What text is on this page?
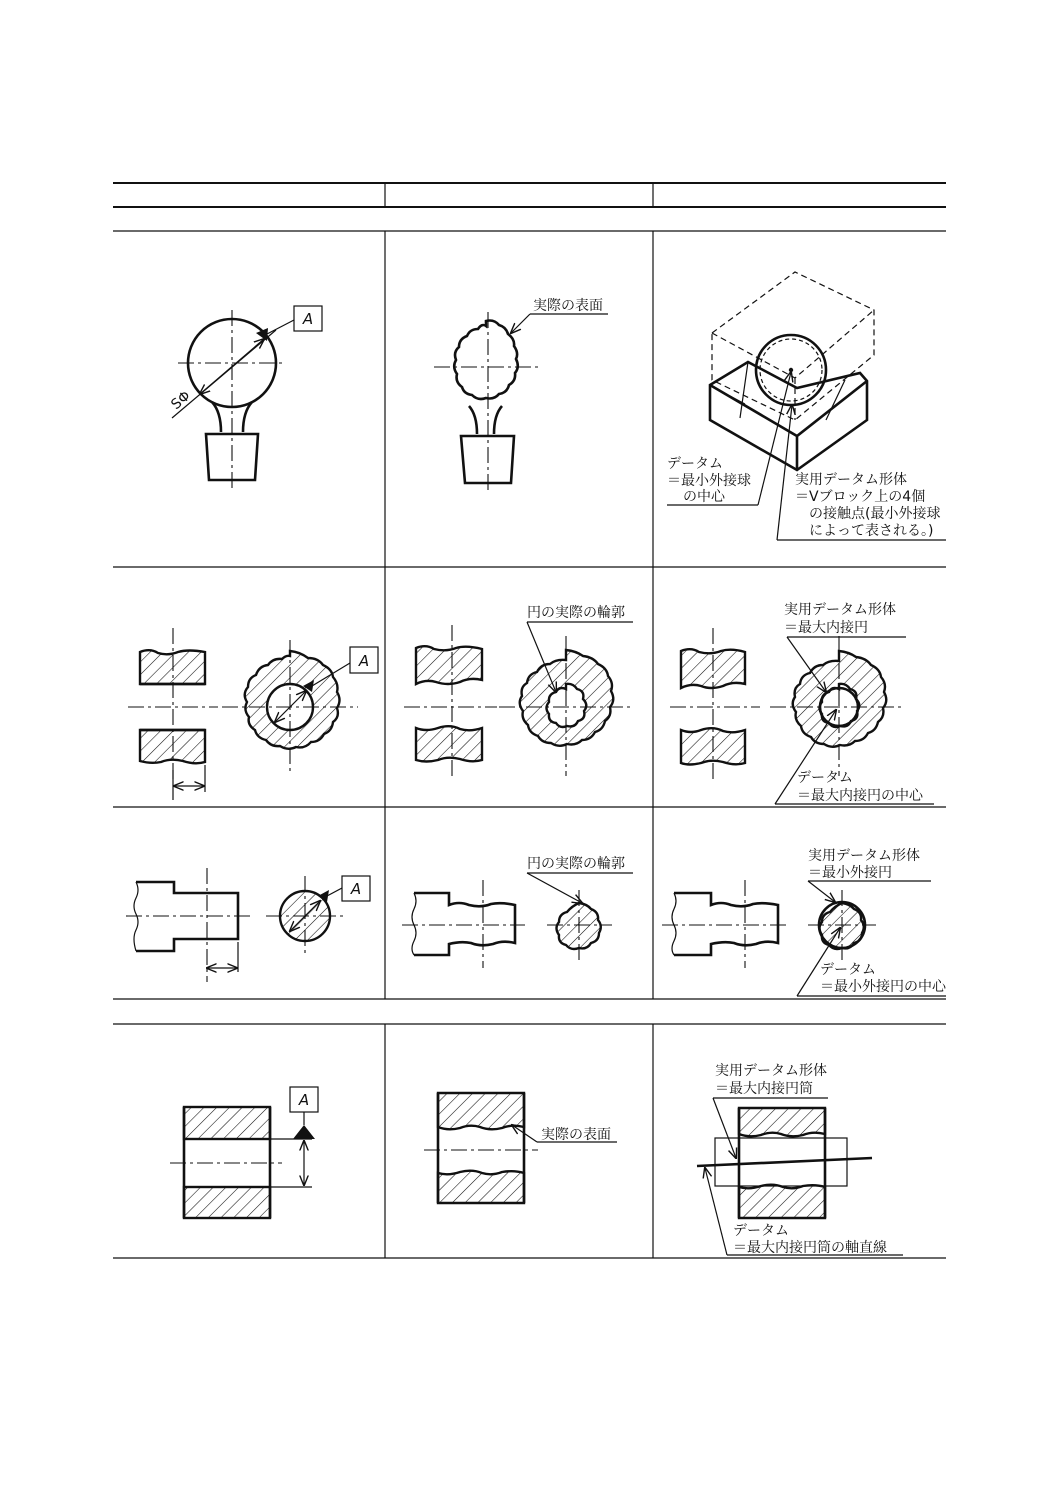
A
SΦ
実際の表面
データム
＝最小外接球
の中心
実用データム形体
＝Vブロック上の4個
の接触点(最小外接球
によって表される。)
A
円の実際の輪郭	実用データム形体
＝最大内接円
データム
＝最大内接円の中心
A
円の実際の輪郭	実用データム形体
＝最小外接円
データム
＝最小外接円の中心
A
実際の表面
実用データム形体
＝最大内接円筒
データム
＝最大内接円筒の軸直線
